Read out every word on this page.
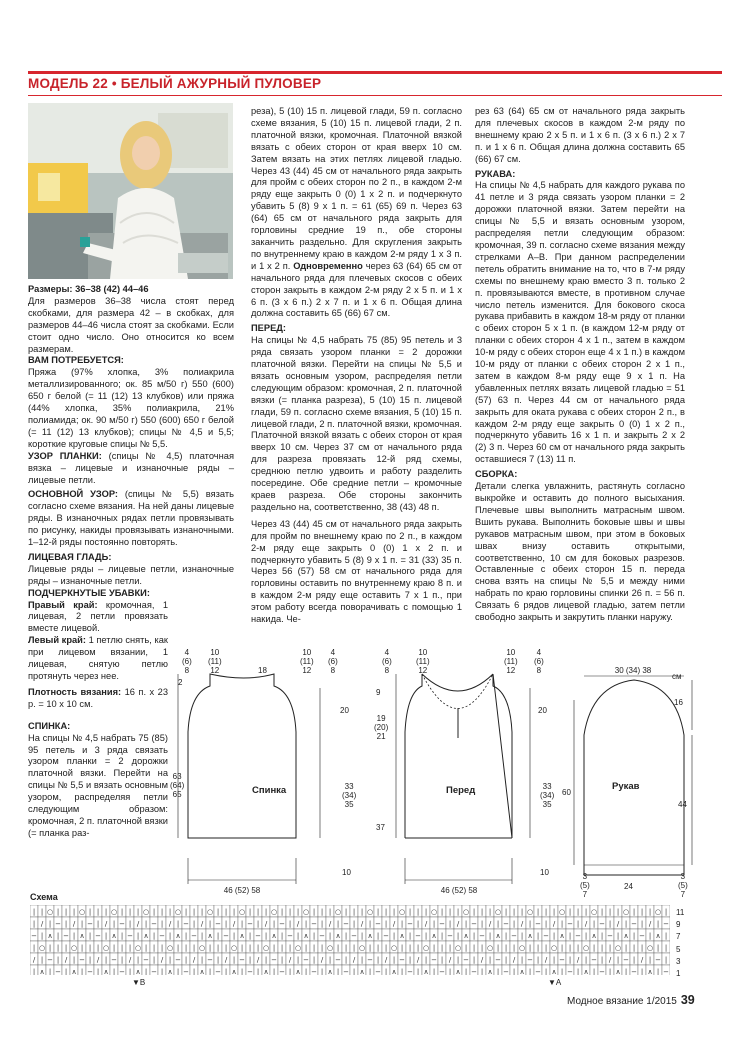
МОДЕЛЬ 22 • БЕЛЫЙ АЖУРНЫЙ ПУЛОВЕР

Размеры: 36–38 (42) 44–46

Для размеров 36–38 числа стоят перед скобками, для размера 42 – в скобках, для размеров 44–46 числа стоят за скобками. Если стоит одно число. Оно относится ко всем размерам.

ВАМ ПОТРЕБУЕТСЯ:

Пряжа (97% хлопка, 3% полиакрила металлизированного; ок. 85 м/50 г) 550 (600) 650 г белой (= 11 (12) 13 клубков) или пряжа (44% хлопка, 35% полиакрила, 21% полиамида; ок. 90 м/50 г) 550 (600) 650 г белой (= 11 (12) 13 клубков); спицы № 4,5 и 5,5; короткие круговые спицы № 5,5.

УЗОР ПЛАНКИ: (спицы № 4,5) платочная вязка – лицевые и изнаночные ряды – лицевые петли.

ОСНОВНОЙ УЗОР: (спицы № 5,5) вязать согласно схеме вязания. На ней даны лицевые ряды. В изнаночных рядах петли провязывать по рисунку, накиды провязывать изнаночными. 1–12-й ряды постоянно повторять.

ЛИЦЕВАЯ ГЛАДЬ:

Лицевые ряды – лицевые петли, изнаночные ряды – изнаночные петли.

ПОДЧЕРКНУТЫЕ УБАВКИ:

Правый край: кромочная, 1 лицевая, 2 петли провязать вместе лицевой.

Левый край: 1 петлю снять, как при лицевом вязании, 1 лицевая, снятую петлю протянуть через нее.

Плотность вязания: 16 п. х 23 р. = 10 х 10 см.

СПИНКА:

На спицы № 4,5 набрать 75 (85) 95 петель и 3 ряда связать узором планки = 2 дорожки платочной вязки. Перейти на спицы № 5,5 и вязать основным узором, распределяя петли следующим образом: кромочная, 2 п. платочной вязки (= планка раз-

реза), 5 (10) 15 п. лицевой глади, 59 п. согласно схеме вязания, 5 (10) 15 п. лицевой глади, 2 п. платочной вязки, кромочная. Платочной вязкой вязать с обеих сторон от края вверх 10 см. Затем вязать на этих петлях лицевой гладью. Через 43 (44) 45 см от начального ряда закрыть для пройм с обеих сторон по 2 п., в каждом 2-м ряду еще закрыть 0 (0) 1 х 2 п. и подчеркнуто убавить 5 (8) 9 х 1 п. = 61 (65) 69 п. Через 63 (64) 65 см от начального ряда закрыть для горловины средние 19 п., обе стороны заканчить раздельно. Для скругления закрыть по внутреннему краю в каждом 2-м ряду 1 х 3 п. и 1 х 2 п. Одновременно через 63 (64) 65 см от начального ряда для плечевых скосов с обеих сторон закрыть в каждом 2-м ряду 2 х 5 п. и 1 х 6 п. (3 х 6 п.) 2 х 7 п. и 1 х 6 п. Общая длина должна составить 65 (66) 67 см.

ПЕРЕД:

На спицы № 4,5 набрать 75 (85) 95 петель и 3 ряда связать узором планки = 2 дорожки платочной вязки. Перейти на спицы № 5,5 и вязать основным узором, распределяя петли следующим образом: кромочная, 2 п. платочной вязки (= планка разреза), 5 (10) 15 п. лицевой глади, 59 п. согласно схеме вязания, 5 (10) 15 п. лицевой глади, 2 п. платочной вязки, кромочная. Платочной вязкой вязать с обеих сторон от края вверх 10 см. Через 37 см от начального ряда для разреза провязать 12-й ряд схемы, среднюю петлю удвоить и работу разделить посередине. Обе средние петли – кромочные краев разреза. Обе стороны закончить раздельно на, соответственно, 38 (43) 48 п.

Через 43 (44) 45 см от начального ряда закрыть для пройм по внешнему краю по 2 п., в каждом 2-м ряду еще закрыть 0 (0) 1 х 2 п. и подчеркнуто убавить 5 (8) 9 х 1 п. = 31 (33) 35 п. Через 56 (57) 58 см от начального ряда для горловины оставить по внутреннему краю 8 п. и в каждом 2-м ряду еще оставить 7 х 1 п., при этом работу всегда поворачивать с помощью 1 накида. Че-

рез 63 (64) 65 см от начального ряда закрыть для плечевых скосов в каждом 2-м ряду по внешнему краю 2 х 5 п. и 1 х 6 п. (3 х 6 п.) 2 х 7 п. и 1 х 6 п. Общая длина должна составить 65 (66) 67 см.

РУКАВА:

На спицы № 4,5 набрать для каждого рукава по 41 петле и 3 ряда связать узором планки = 2 дорожки платочной вязки. Затем перейти на спицы № 5,5 и вязать основным узором, распределяя петли следующим образом: кромочная, 39 п. согласно схеме вязания между стрелками А–В. При данном распределении петель обратить внимание на то, что в 7-м ряду схемы по внешнему краю вместо 3 п. только 2 п. провязываются вместе, в противном случае число петель изменится. Для бокового скоса рукава прибавить в каждом 18-м ряду от планки с обеих сторон 5 х 1 п. (в каждом 12-м ряду от планки с обеих сторон 4 х 1 п., затем в каждом 10-м ряду с обеих сторон еще 4 х 1 п.) в каждом 10-м ряду от планки с обеих сторон 2 х 1 п., затем в каждом 8-м ряду еще 9 х 1 п. На убавленных петлях вязать лицевой гладью = 51 (57) 63 п. Через 44 см от начального ряда закрыть для оката рукава с обеих сторон 2 п., в каждом 2-м ряду еще закрыть 0 (0) 1 х 2 п., подчеркнуто убавить 16 х 1 п. и закрыть 2 х 2 (2) 3 п. Через 60 см от начального ряда закрыть оставшиеся 7 (13) 11 п.

СБОРКА:

Детали слегка увлажнить, растянуть согласно выкройке и оставить до полного высыхания. Плечевые швы выполнить матрасным швом. Вшить рукава. Выполнить боковые швы и швы рукавов матрасным швом, при этом в боковых швах внизу оставить открытыми, соответственно, 10 см для боковых разрезов. Оставленные с обеих сторон 15 п. переда снова взять на спицы № 5,5 и между ними набрать по краю горловины спинки 26 п. = 56 п. Связать 6 рядов лицевой гладью, затем петли свободно закрыть и закрутить планки наружу.

4
(6)
8
10
(11)
12	18
10
(11)
12
4
(6)
8
2
20
63
(64)
65
33
(34)
35
10
Спинка
46 (52) 58
4
(6)
8
10
(11)
12
10
(11)
12
4
(6)
8
9
19
(20)
21
20
37
33
(34)
35
10
Перед
46 (52) 58
30 (34) 38
см
16
60
44
Рукав
24
3
(5)
7
3
(5)
7
Схема
| | ○ | | | ○ | | | ○ | | | ○ | | | ○ | | | ○ | | | ○ | | | ○ | | | ○ | | | ○ | | | ○ | | | ○ | | | ○ | | | ○ | | | ○ | | | ○ | | | ○ | | | ○ | | | ○ | | | ○ |
| / | − | / | − | / | − | / | − | / | − | / | − | / | − | / | − | / | − | / | − | / | − | / | − | / | − | / | − | / | − | / | − | / | − | / | − | / | − | / | −
− | ∧ | − | ∧ | − | ∧ | − | ∧ | − | ∧ | − | ∧ | − | ∧ | − | ∧ | − | ∧ | − | ∧ | − | ∧ | − | ∧ | − | ∧ | − | ∧ | − | ∧ | − | ∧ | − | ∧ | − | ∧ | − | ∧ | − | ∧ |
| ○ | | | ○ | | | ○ | | | ○ | | | ○ | | | ○ | | | ○ | | | ○ | | | ○ | | | ○ | | | ○ | | | ○ | | | ○ | | | ○ | | | ○ | | | ○ | | | ○ | | | ○ | | | ○ | | | ○ | |
/ | − | / | − | / | − | / | − | / | − | / | − | / | − | / | − | / | − | / | − | / | − | / | − | / | − | / | − | / | − | / | − | / | − | / | − | / | − | / | − |
| ∧ | − | ∧ | − | ∧ | − | ∧ | − | ∧ | − | ∧ | − | ∧ | − | ∧ | − | ∧ | − | ∧ | − | ∧ | − | ∧ | − | ∧ | − | ∧ | − | ∧ | − | ∧ | − | ∧ | − | ∧ | − | ∧ | − | ∧ | −
11
9
7
5
3
1
▼В	▼А
Модное вязание 1/2015 39
